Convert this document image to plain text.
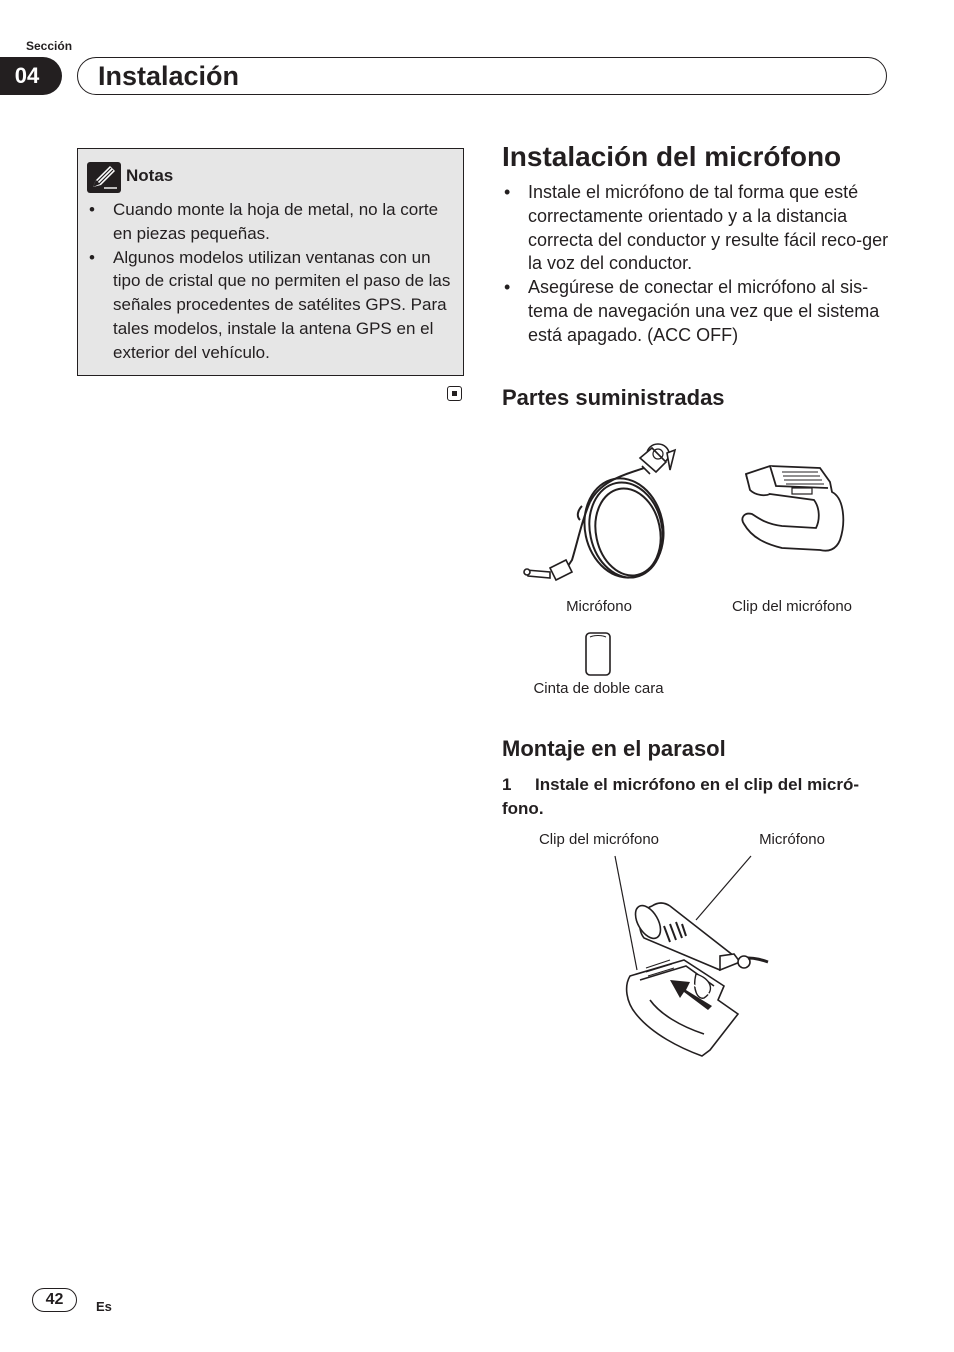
Sección
04	Instalación
Notas
• Cuando monte la hoja de metal, no la corte en piezas pequeñas.
• Algunos modelos utilizan ventanas con un tipo de cristal que no permiten el paso de las señales procedentes de satélites GPS. Para tales modelos, instale la antena GPS en el exterior del vehículo.
Instalación del micrófono
• Instale el micrófono de tal forma que esté correctamente orientado y a la distancia correcta del conductor y resulte fácil reco-ger la voz del conductor.
• Asegúrese de conectar el micrófono al sis-tema de navegación una vez que el sistema está apagado. (ACC OFF)
Partes suministradas
Micrófono	Clip del micrófono
Cinta de doble cara
Montaje en el parasol
1	Instale el micrófono en el clip del micró-fono.
Clip del micrófono	Micrófono
42	Es
